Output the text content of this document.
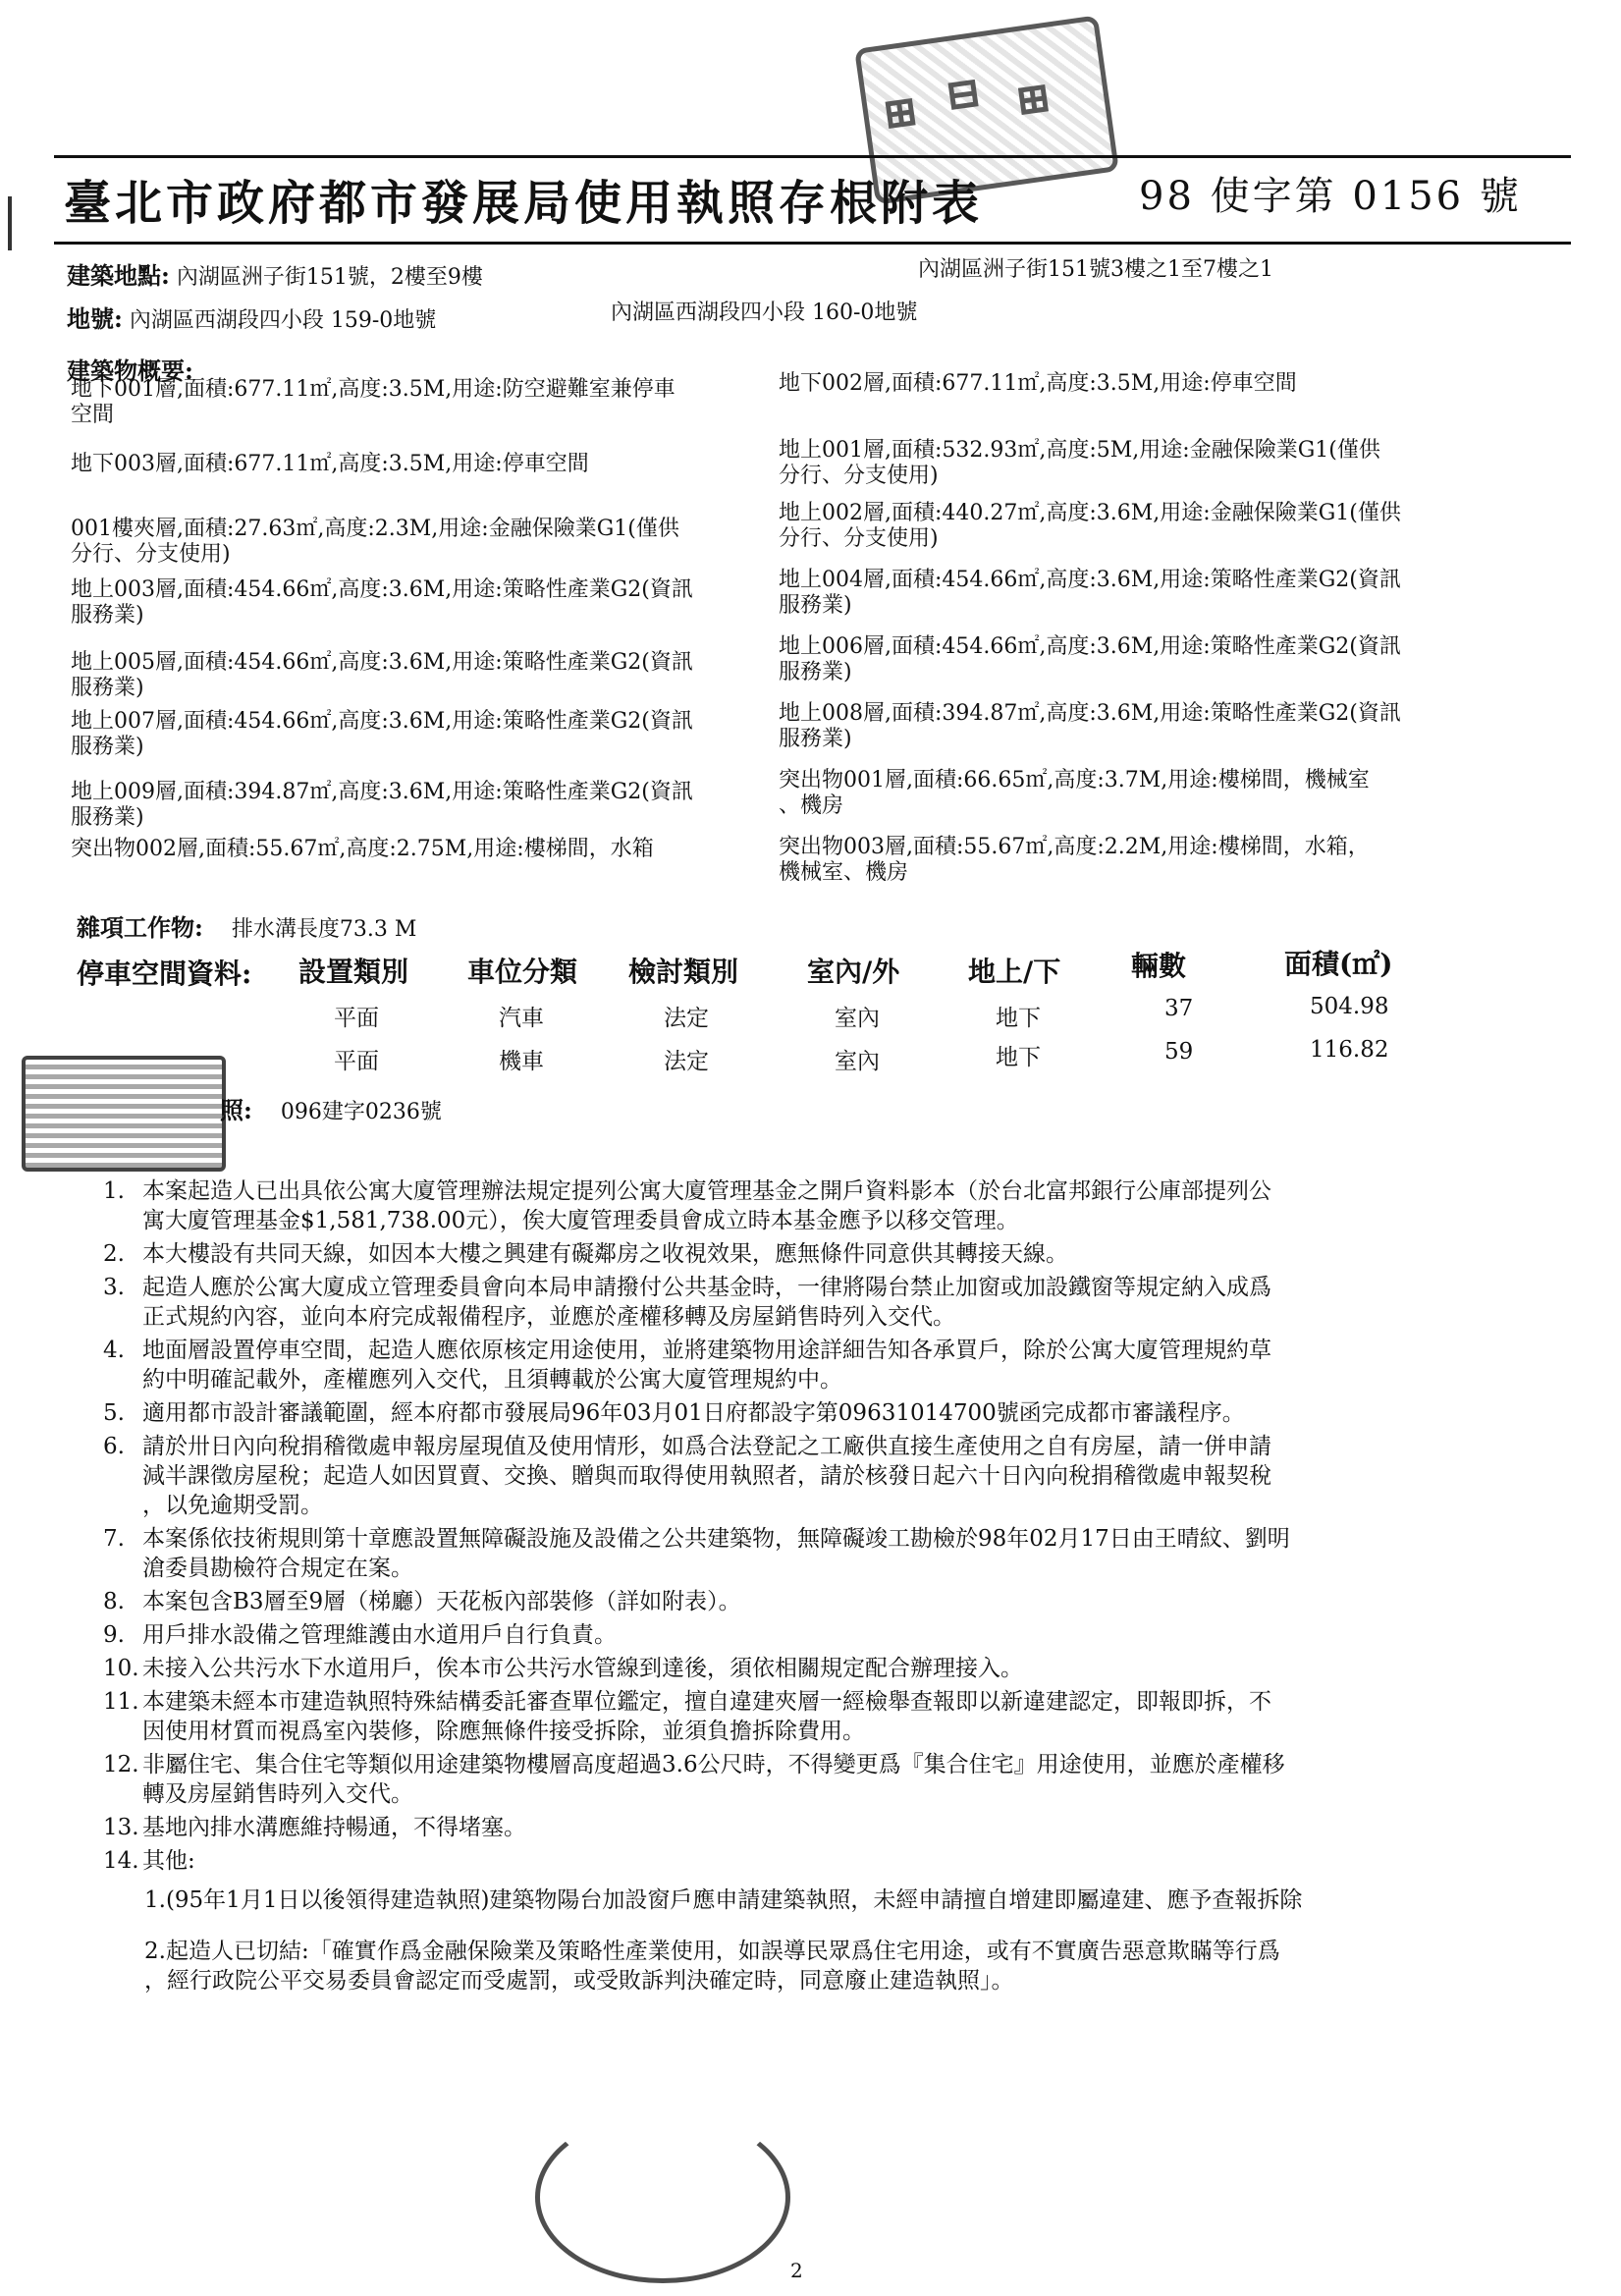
⊞ ⊟ ⊞
臺北市政府都市發展局使用執照存根附表	98 使字第 0156 號
建築地點: 內湖區洲子街151號，2樓至9樓	內湖區洲子街151號3樓之1至7樓之1
地號: 內湖區西湖段四小段 159-0地號	內湖區西湖段四小段 160-0地號
建築物概要:
地下001層,面積:677.11㎡,高度:3.5M,用途:防空避難室兼停車
空間
地下003層,面積:677.11㎡,高度:3.5M,用途:停車空間
001樓夾層,面積:27.63㎡,高度:2.3M,用途:金融保險業G1(僅供
分行、分支使用)
地上003層,面積:454.66㎡,高度:3.6M,用途:策略性產業G2(資訊
服務業)
地上005層,面積:454.66㎡,高度:3.6M,用途:策略性產業G2(資訊
服務業)
地上007層,面積:454.66㎡,高度:3.6M,用途:策略性產業G2(資訊
服務業)
地上009層,面積:394.87㎡,高度:3.6M,用途:策略性產業G2(資訊
服務業)
突出物002層,面積:55.67㎡,高度:2.75M,用途:樓梯間，水箱
地下002層,面積:677.11㎡,高度:3.5M,用途:停車空間
地上001層,面積:532.93㎡,高度:5M,用途:金融保險業G1(僅供
分行、分支使用)
地上002層,面積:440.27㎡,高度:3.6M,用途:金融保險業G1(僅供
分行、分支使用)
地上004層,面積:454.66㎡,高度:3.6M,用途:策略性產業G2(資訊
服務業)
地上006層,面積:454.66㎡,高度:3.6M,用途:策略性產業G2(資訊
服務業)
地上008層,面積:394.87㎡,高度:3.6M,用途:策略性產業G2(資訊
服務業)
突出物001層,面積:66.65㎡,高度:3.7M,用途:樓梯間，機械室
、機房
突出物003層,面積:55.67㎡,高度:2.2M,用途:樓梯間，水箱，
機械室、機房
雜項工作物: 排水溝長度73.3 M
停車空間資料: 設置類別 車位分類 檢討類別 室內/外 地上/下	輛數	面積(㎡)
平面	汽車	法定	室內	地下	37	504.98
平面	機車	法定	室內	地下	59	116.82
照: 096建字0236號
1. 本案起造人已出具依公寓大廈管理辦法規定提列公寓大廈管理基金之開戶資料影本（於台北富邦銀行公庫部提列公
寓大廈管理基金$1,581,738.00元），俟大廈管理委員會成立時本基金應予以移交管理。
2. 本大樓設有共同天線，如因本大樓之興建有礙鄰房之收視效果，應無條件同意供其轉接天線。
3. 起造人應於公寓大廈成立管理委員會向本局申請撥付公共基金時，一律將陽台禁止加窗或加設鐵窗等規定納入成爲
正式規約內容，並向本府完成報備程序，並應於產權移轉及房屋銷售時列入交代。
4. 地面層設置停車空間，起造人應依原核定用途使用，並將建築物用途詳細告知各承買戶，除於公寓大廈管理規約草
約中明確記載外，產權應列入交代，且須轉載於公寓大廈管理規約中。
5. 適用都市設計審議範圍，經本府都市發展局96年03月01日府都設字第09631014700號函完成都市審議程序。
6. 請於卅日內向稅捐稽徵處申報房屋現值及使用情形，如爲合法登記之工廠供直接生產使用之自有房屋，請一併申請
減半課徵房屋稅；起造人如因買賣、交換、贈與而取得使用執照者，請於核發日起六十日內向稅捐稽徵處申報契稅
，以免逾期受罰。
7. 本案係依技術規則第十章應設置無障礙設施及設備之公共建築物，無障礙竣工勘檢於98年02月17日由王晴紋、劉明
滄委員勘檢符合規定在案。
8. 本案包含B3層至9層（梯廳）天花板內部裝修（詳如附表）。
9. 用戶排水設備之管理維護由水道用戶自行負責。
10. 未接入公共污水下水道用戶，俟本市公共污水管線到達後，須依相關規定配合辦理接入。
11. 本建築未經本市建造執照特殊結構委託審查單位鑑定，擅自違建夾層一經檢舉查報即以新違建認定，即報即拆，不
因使用材質而視爲室內裝修，除應無條件接受拆除，並須負擔拆除費用。
12. 非屬住宅、集合住宅等類似用途建築物樓層高度超過3.6公尺時，不得變更爲『集合住宅』用途使用，並應於產權移
轉及房屋銷售時列入交代。
13. 基地內排水溝應維持暢通，不得堵塞。
14. 其他:
1.(95年1月1日以後領得建造執照)建築物陽台加設窗戶應申請建築執照，未經申請擅自增建即屬違建、應予查報拆除
2.起造人已切結:「確實作爲金融保險業及策略性產業使用，如誤導民眾爲住宅用途，或有不實廣告惡意欺瞞等行爲
，經行政院公平交易委員會認定而受處罰，或受敗訴判決確定時，同意廢止建造執照」。
2
